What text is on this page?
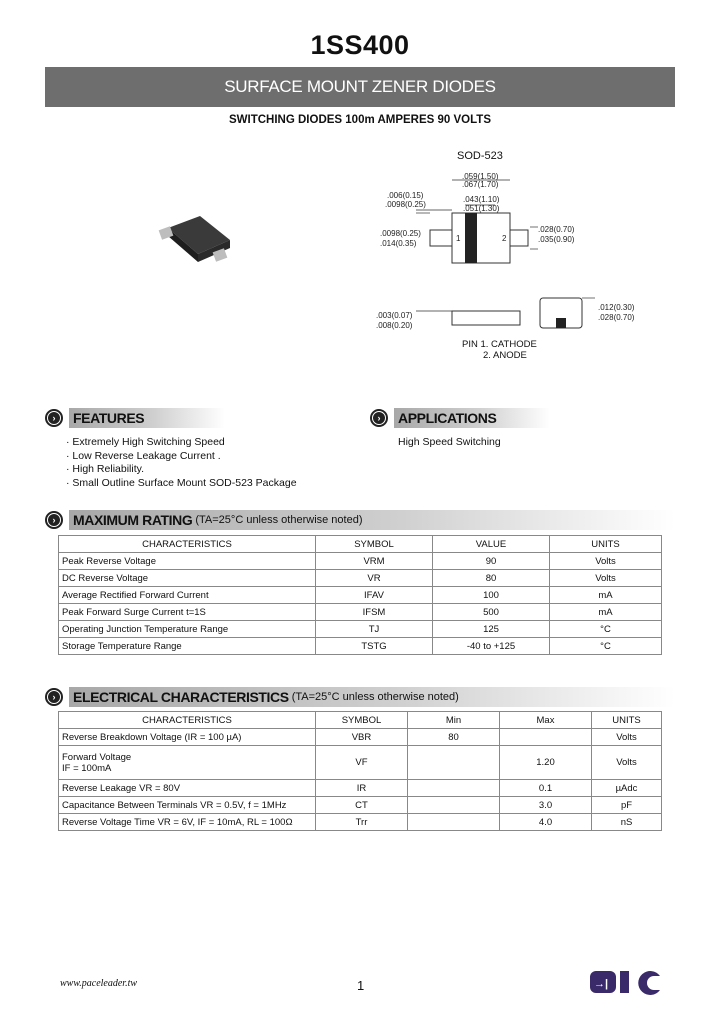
1SS400
SURFACE MOUNT ZENER DIODES
SWITCHING DIODES 100m AMPERES 90 VOLTS
SOD-523
.059(1.50)
.067(1.70)
.006(0.15)
.0098(0.25)
.043(1.10)
.051(1.30)
.0098(0.25)
.014(0.35)
.028(0.70)
.035(0.90)
1	2
.003(0.07)
.008(0.20)
.012(0.30)
.028(0.70)
PIN 1. CATHODE
2. ANODE
›	FEATURES
· Extremely High Switching Speed
· Low Reverse Leakage Current .
· High Reliability.
· Small Outline Surface Mount SOD-523 Package
›	APPLICATIONS
High Speed Switching
›	MAXIMUM RATING (TA=25°C unless otherwise noted)
CHARACTERISTICS	SYMBOL	VALUE	UNITS
Peak Reverse Voltage	VRM	90	Volts
DC Reverse Voltage	VR	80	Volts
Average Rectified Forward Current	IFAV	100	mA
Peak Forward Surge Current t=1S	IFSM	500	mA
Operating Junction Temperature Range	TJ	125	°C
Storage Temperature Range	TSTG	-40 to +125	°C
›	ELECTRICAL CHARACTERISTICS (TA=25°C unless otherwise noted)
CHARACTERISTICS	SYMBOL	Min	Max	UNITS
Reverse Breakdown Voltage (IR = 100 µA)	VBR	80		Volts

Forward Voltage
IF = 100mA	VF		1.20	Volts
Reverse Leakage VR = 80V	IR		0.1	µAdc
Capacitance Between Terminals VR = 0.5V, f = 1MHz	CT		3.0	pF
Reverse Voltage Time VR = 6V, IF = 10mA, RL = 100Ω	Trr		4.0	nS
www.paceleader.tw	1	→|
